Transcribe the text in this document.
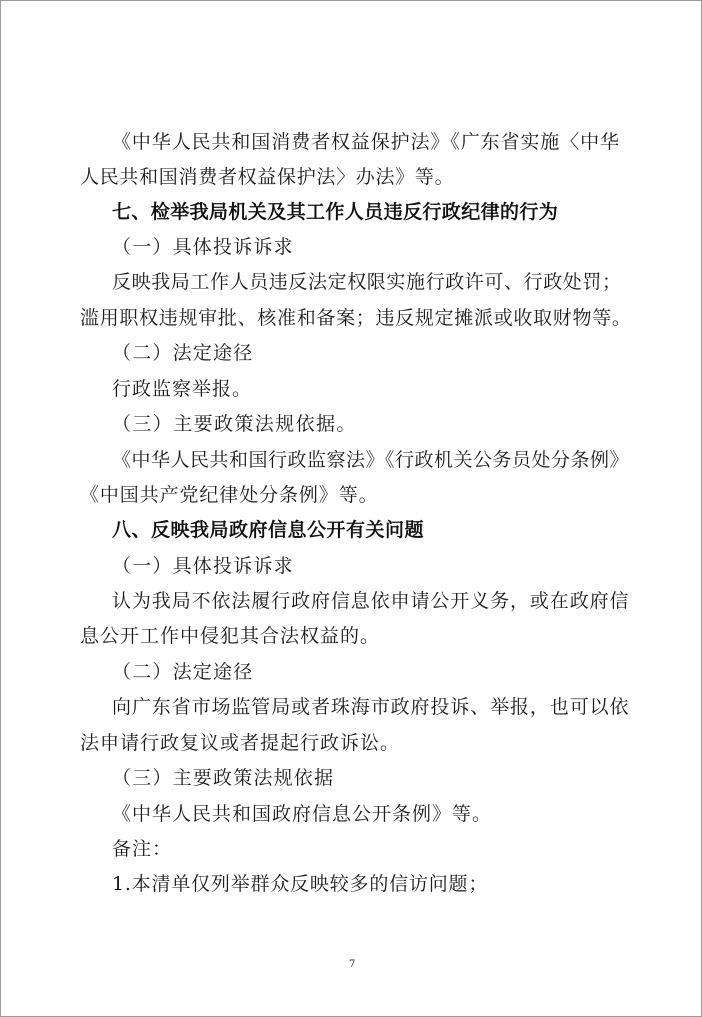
《中华人民共和国消费者权益保护法》《广东省实施〈中华
人民共和国消费者权益保护法〉办法》等。
七、检举我局机关及其工作人员违反行政纪律的行为
（一）具体投诉诉求
反映我局工作人员违反法定权限实施行政许可、行政处罚；
滥用职权违规审批、核准和备案；违反规定摊派或收取财物等。
（二）法定途径
行政监察举报。
（三）主要政策法规依据。
《中华人民共和国行政监察法》《行政机关公务员处分条例》
《中国共产党纪律处分条例》等。
八、反映我局政府信息公开有关问题
（一）具体投诉诉求
认为我局不依法履行政府信息依申请公开义务，或在政府信
息公开工作中侵犯其合法权益的。
（二）法定途径
向广东省市场监管局或者珠海市政府投诉、举报，也可以依
法申请行政复议或者提起行政诉讼。
（三）主要政策法规依据
《中华人民共和国政府信息公开条例》等。
备注：
1.本清单仅列举群众反映较多的信访问题；
7
